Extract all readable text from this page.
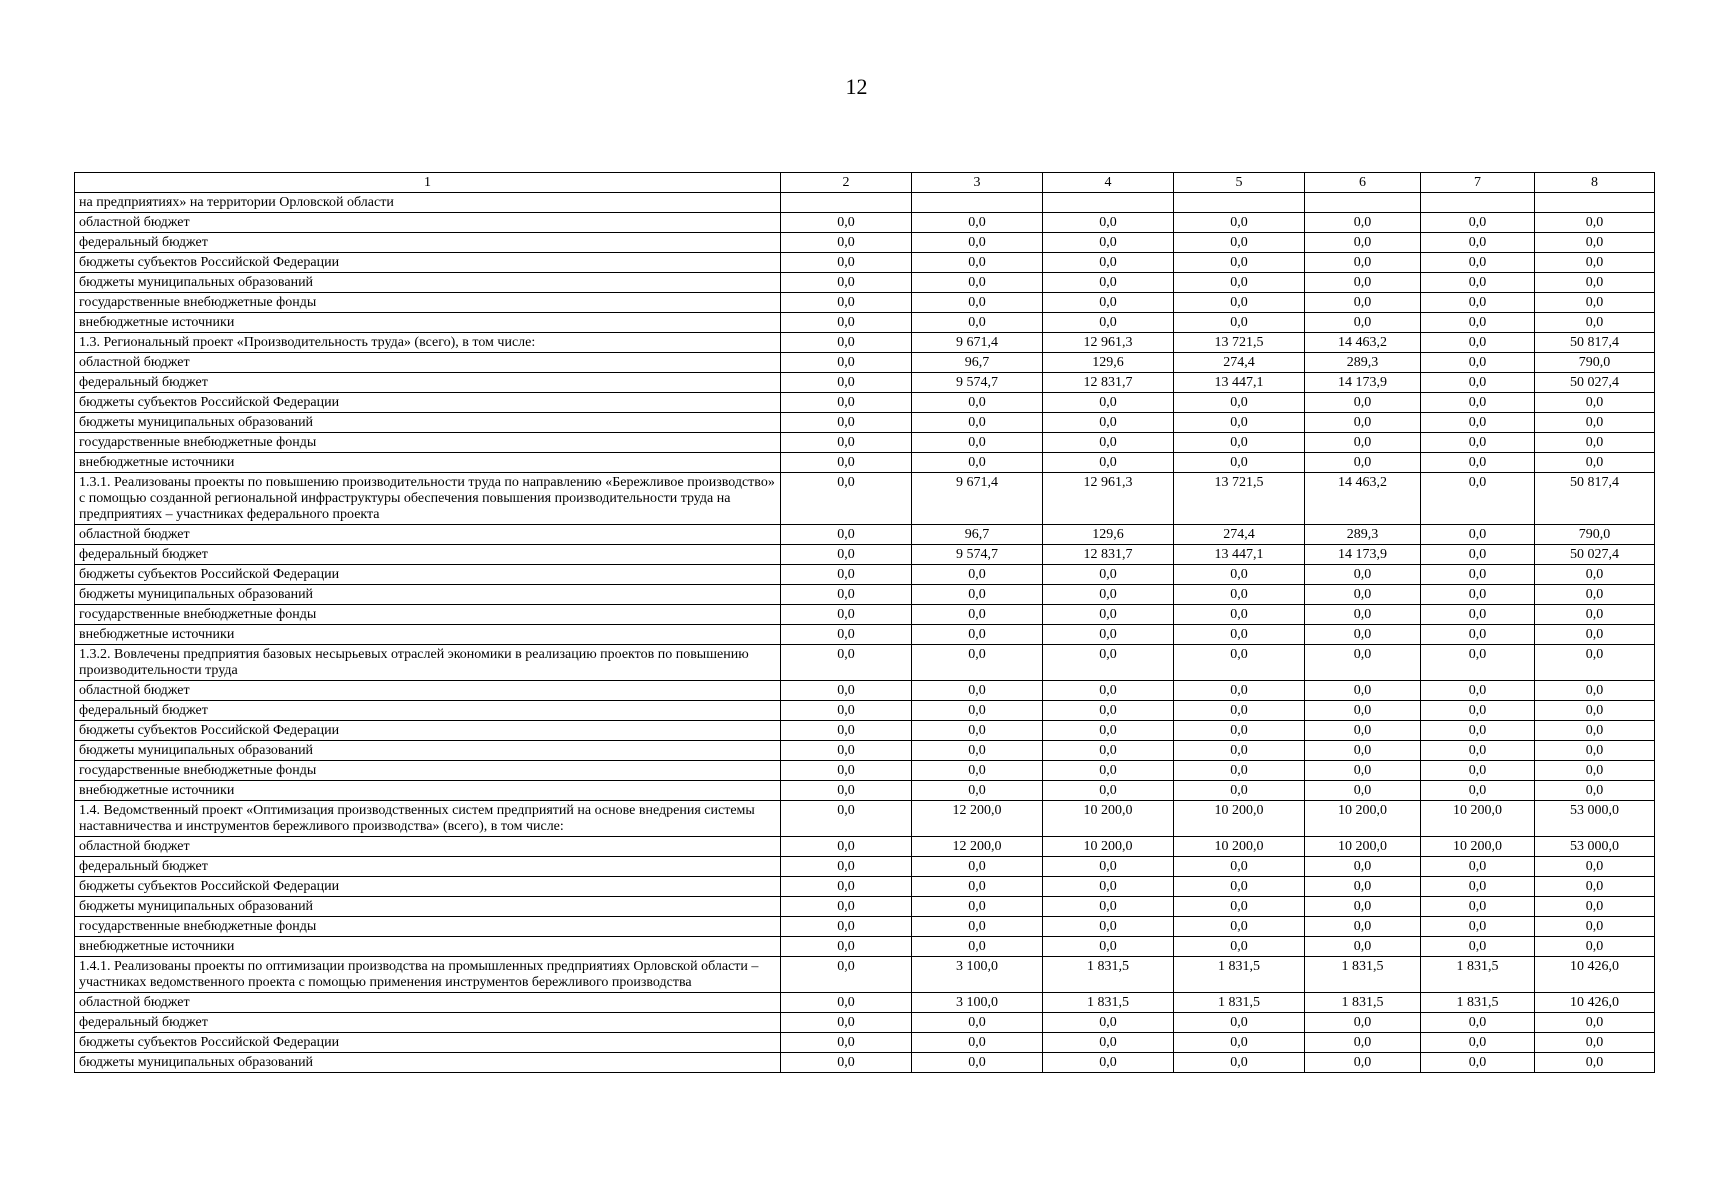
12
1	2	3	4	5	6	7	8
на предприятиях» на территории Орловской области							
областной бюджет	0,0	0,0	0,0	0,0	0,0	0,0	0,0
федеральный бюджет	0,0	0,0	0,0	0,0	0,0	0,0	0,0
бюджеты субъектов Российской Федерации	0,0	0,0	0,0	0,0	0,0	0,0	0,0
бюджеты муниципальных образований	0,0	0,0	0,0	0,0	0,0	0,0	0,0
государственные внебюджетные фонды	0,0	0,0	0,0	0,0	0,0	0,0	0,0
внебюджетные источники	0,0	0,0	0,0	0,0	0,0	0,0	0,0
1.3. Региональный проект «Производительность труда» (всего), в том числе:	0,0	9 671,4	12 961,3	13 721,5	14 463,2	0,0	50 817,4
областной бюджет	0,0	96,7	129,6	274,4	289,3	0,0	790,0
федеральный бюджет	0,0	9 574,7	12 831,7	13 447,1	14 173,9	0,0	50 027,4
бюджеты субъектов Российской Федерации	0,0	0,0	0,0	0,0	0,0	0,0	0,0
бюджеты муниципальных образований	0,0	0,0	0,0	0,0	0,0	0,0	0,0
государственные внебюджетные фонды	0,0	0,0	0,0	0,0	0,0	0,0	0,0
внебюджетные источники	0,0	0,0	0,0	0,0	0,0	0,0	0,0
1.3.1. Реализованы проекты по повышению производительности труда по направлению «Бережливое производство» с помощью созданной региональной инфраструктуры обеспечения повышения производительности труда на предприятиях – участниках федерального проекта	0,0	9 671,4	12 961,3	13 721,5	14 463,2	0,0	50 817,4
областной бюджет	0,0	96,7	129,6	274,4	289,3	0,0	790,0
федеральный бюджет	0,0	9 574,7	12 831,7	13 447,1	14 173,9	0,0	50 027,4
бюджеты субъектов Российской Федерации	0,0	0,0	0,0	0,0	0,0	0,0	0,0
бюджеты муниципальных образований	0,0	0,0	0,0	0,0	0,0	0,0	0,0
государственные внебюджетные фонды	0,0	0,0	0,0	0,0	0,0	0,0	0,0
внебюджетные источники	0,0	0,0	0,0	0,0	0,0	0,0	0,0
1.3.2. Вовлечены предприятия базовых несырьевых отраслей экономики в реализацию проектов по повышению производительности труда	0,0	0,0	0,0	0,0	0,0	0,0	0,0
областной бюджет	0,0	0,0	0,0	0,0	0,0	0,0	0,0
федеральный бюджет	0,0	0,0	0,0	0,0	0,0	0,0	0,0
бюджеты субъектов Российской Федерации	0,0	0,0	0,0	0,0	0,0	0,0	0,0
бюджеты муниципальных образований	0,0	0,0	0,0	0,0	0,0	0,0	0,0
государственные внебюджетные фонды	0,0	0,0	0,0	0,0	0,0	0,0	0,0
внебюджетные источники	0,0	0,0	0,0	0,0	0,0	0,0	0,0
1.4. Ведомственный проект «Оптимизация производственных систем предприятий на основе внедрения системы наставничества и инструментов бережливого производства» (всего), в том числе:	0,0	12 200,0	10 200,0	10 200,0	10 200,0	10 200,0	53 000,0
областной бюджет	0,0	12 200,0	10 200,0	10 200,0	10 200,0	10 200,0	53 000,0
федеральный бюджет	0,0	0,0	0,0	0,0	0,0	0,0	0,0
бюджеты субъектов Российской Федерации	0,0	0,0	0,0	0,0	0,0	0,0	0,0
бюджеты муниципальных образований	0,0	0,0	0,0	0,0	0,0	0,0	0,0
государственные внебюджетные фонды	0,0	0,0	0,0	0,0	0,0	0,0	0,0
внебюджетные источники	0,0	0,0	0,0	0,0	0,0	0,0	0,0
1.4.1. Реализованы проекты по оптимизации производства на промышленных предприятиях Орловской области – участниках ведомственного проекта с помощью применения инструментов бережливого производства	0,0	3 100,0	1 831,5	1 831,5	1 831,5	1 831,5	10 426,0
областной бюджет	0,0	3 100,0	1 831,5	1 831,5	1 831,5	1 831,5	10 426,0
федеральный бюджет	0,0	0,0	0,0	0,0	0,0	0,0	0,0
бюджеты субъектов Российской Федерации	0,0	0,0	0,0	0,0	0,0	0,0	0,0
бюджеты муниципальных образований	0,0	0,0	0,0	0,0	0,0	0,0	0,0
